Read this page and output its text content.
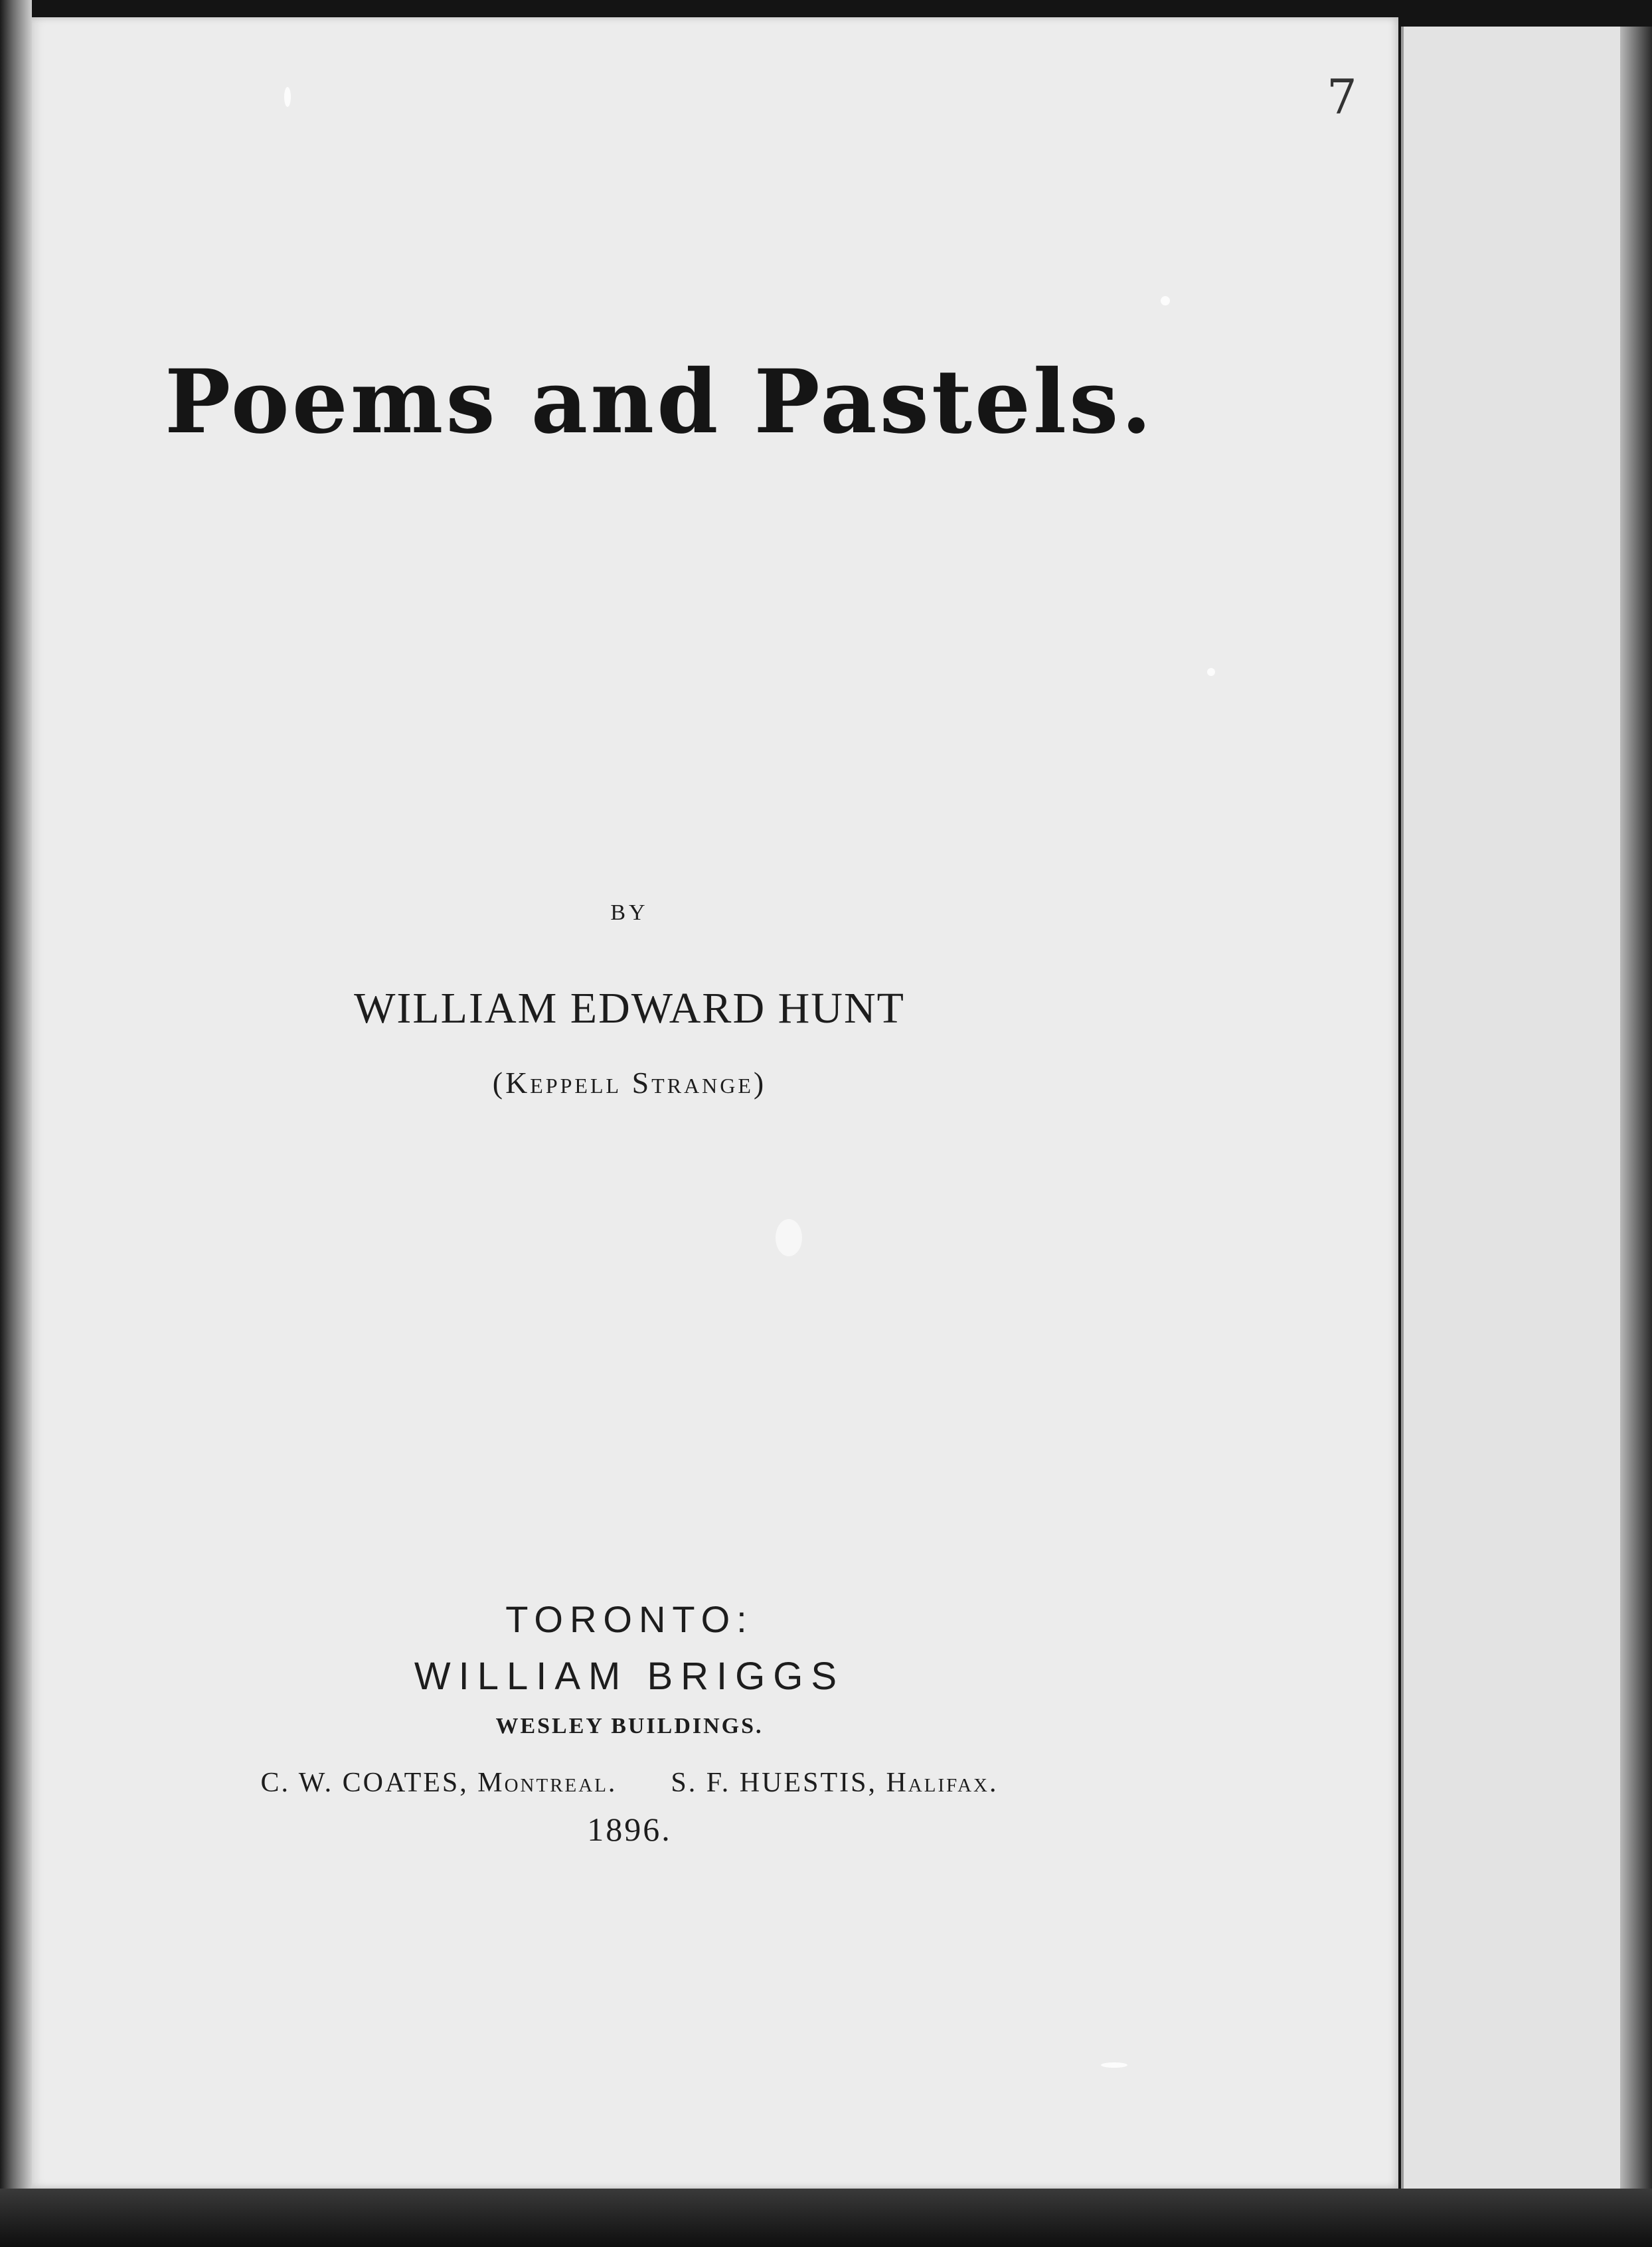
7
Poems and Pastels.
BY
WILLIAM EDWARD HUNT
(Keppell Strange)
TORONTO:
WILLIAM BRIGGS
WESLEY BUILDINGS.
C. W. COATES, Montreal.      S. F. HUESTIS, Halifax.
1896.
